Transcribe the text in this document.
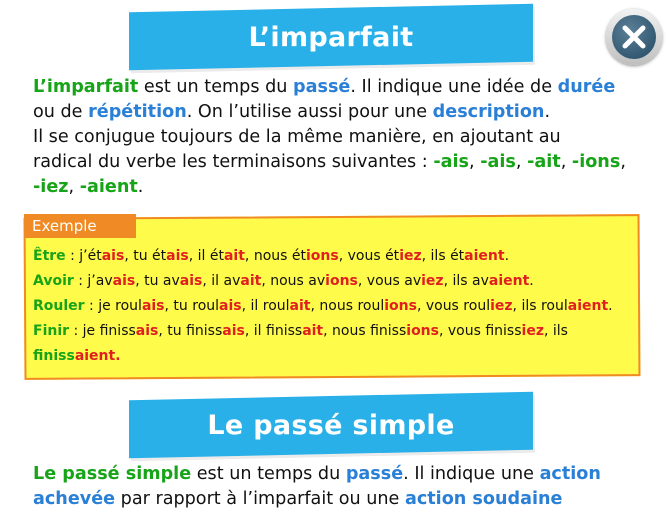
L’imparfait
L’imparfait est un temps du passé. Il indique une idée de durée
ou de répétition. On l’utilise aussi pour une description.
Il se conjugue toujours de la même manière, en ajoutant au
radical du verbe les terminaisons suivantes : -ais, -ais, -ait, -ions,
-iez, -aient.
Exemple
Être : j’étais, tu étais, il était, nous étions, vous étiez, ils étaient.
Avoir : j’avais, tu avais, il avait, nous avions, vous aviez, ils avaient.
Rouler : je roulais, tu roulais, il roulait, nous roulions, vous rouliez, ils roulaient.
Finir : je finissais, tu finissais, il finissait, nous finissions, vous finissiez, ils
finissaient.
Le passé simple
Le passé simple est un temps du passé. Il indique une action
achevée par rapport à l’imparfait ou une action soudaine
